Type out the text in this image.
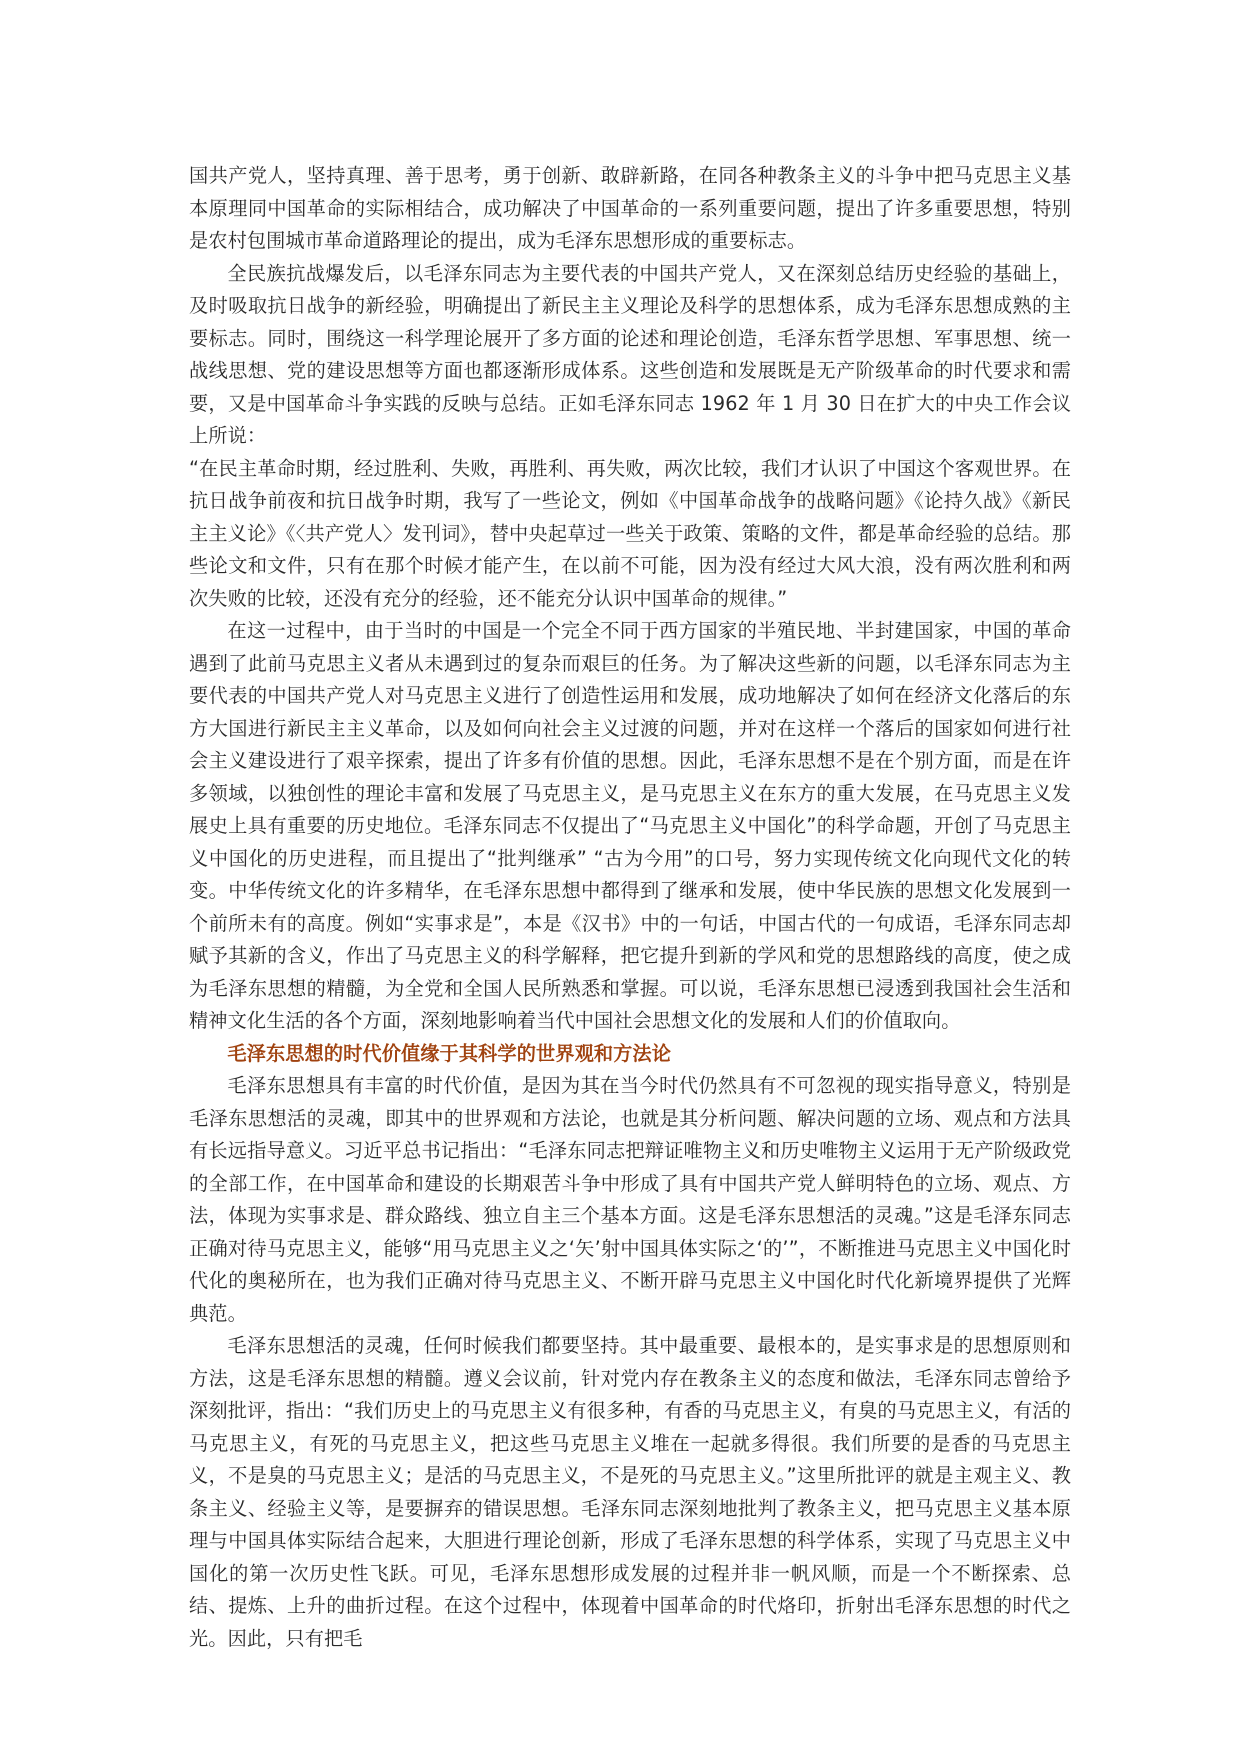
国共产党人，坚持真理、善于思考，勇于创新、敢辟新路，在同各种教条主义的斗争中把马克思主义基本原理同中国革命的实际相结合，成功解决了中国革命的一系列重要问题，提出了许多重要思想，特别是农村包围城市革命道路理论的提出，成为毛泽东思想形成的重要标志。

全民族抗战爆发后，以毛泽东同志为主要代表的中国共产党人，又在深刻总结历史经验的基础上，及时吸取抗日战争的新经验，明确提出了新民主主义理论及科学的思想体系，成为毛泽东思想成熟的主要标志。同时，围绕这一科学理论展开了多方面的论述和理论创造，毛泽东哲学思想、军事思想、统一战线思想、党的建设思想等方面也都逐渐形成体系。这些创造和发展既是无产阶级革命的时代要求和需要，又是中国革命斗争实践的反映与总结。正如毛泽东同志 1962 年 1 月 30 日在扩大的中央工作会议上所说：

“在民主革命时期，经过胜利、失败，再胜利、再失败，两次比较，我们才认识了中国这个客观世界。在抗日战争前夜和抗日战争时期，我写了一些论文，例如《中国革命战争的战略问题》《论持久战》《新民主主义论》《〈共产党人〉发刊词》，替中央起草过一些关于政策、策略的文件，都是革命经验的总结。那些论文和文件，只有在那个时候才能产生，在以前不可能，因为没有经过大风大浪，没有两次胜利和两次失败的比较，还没有充分的经验，还不能充分认识中国革命的规律。”

在这一过程中，由于当时的中国是一个完全不同于西方国家的半殖民地、半封建国家，中国的革命遇到了此前马克思主义者从未遇到过的复杂而艰巨的任务。为了解决这些新的问题，以毛泽东同志为主要代表的中国共产党人对马克思主义进行了创造性运用和发展，成功地解决了如何在经济文化落后的东方大国进行新民主主义革命，以及如何向社会主义过渡的问题，并对在这样一个落后的国家如何进行社会主义建设进行了艰辛探索，提出了许多有价值的思想。因此，毛泽东思想不是在个别方面，而是在许多领域，以独创性的理论丰富和发展了马克思主义，是马克思主义在东方的重大发展，在马克思主义发展史上具有重要的历史地位。毛泽东同志不仅提出了“马克思主义中国化”的科学命题，开创了马克思主义中国化的历史进程，而且提出了“批判继承” “古为今用”的口号，努力实现传统文化向现代文化的转变。中华传统文化的许多精华，在毛泽东思想中都得到了继承和发展，使中华民族的思想文化发展到一个前所未有的高度。例如“实事求是”，本是《汉书》中的一句话，中国古代的一句成语，毛泽东同志却赋予其新的含义，作出了马克思主义的科学解释，把它提升到新的学风和党的思想路线的高度，使之成为毛泽东思想的精髓，为全党和全国人民所熟悉和掌握。可以说，毛泽东思想已浸透到我国社会生活和精神文化生活的各个方面，深刻地影响着当代中国社会思想文化的发展和人们的价值取向。

毛泽东思想的时代价值缘于其科学的世界观和方法论

毛泽东思想具有丰富的时代价值，是因为其在当今时代仍然具有不可忽视的现实指导意义，特别是毛泽东思想活的灵魂，即其中的世界观和方法论，也就是其分析问题、解决问题的立场、观点和方法具有长远指导意义。习近平总书记指出：“毛泽东同志把辩证唯物主义和历史唯物主义运用于无产阶级政党的全部工作，在中国革命和建设的长期艰苦斗争中形成了具有中国共产党人鲜明特色的立场、观点、方法，体现为实事求是、群众路线、独立自主三个基本方面。这是毛泽东思想活的灵魂。”这是毛泽东同志正确对待马克思主义，能够“用马克思主义之‘矢’射中国具体实际之‘的’”，不断推进马克思主义中国化时代化的奥秘所在，也为我们正确对待马克思主义、不断开辟马克思主义中国化时代化新境界提供了光辉典范。

毛泽东思想活的灵魂，任何时候我们都要坚持。其中最重要、最根本的，是实事求是的思想原则和方法，这是毛泽东思想的精髓。遵义会议前，针对党内存在教条主义的态度和做法，毛泽东同志曾给予深刻批评，指出：“我们历史上的马克思主义有很多种，有香的马克思主义，有臭的马克思主义，有活的马克思主义，有死的马克思主义，把这些马克思主义堆在一起就多得很。我们所要的是香的马克思主义，不是臭的马克思主义；是活的马克思主义，不是死的马克思主义。”这里所批评的就是主观主义、教条主义、经验主义等，是要摒弃的错误思想。毛泽东同志深刻地批判了教条主义，把马克思主义基本原理与中国具体实际结合起来，大胆进行理论创新，形成了毛泽东思想的科学体系，实现了马克思主义中国化的第一次历史性飞跃。可见，毛泽东思想形成发展的过程并非一帆风顺，而是一个不断探索、总结、提炼、上升的曲折过程。在这个过程中，体现着中国革命的时代烙印，折射出毛泽东思想的时代之光。因此，只有把毛
